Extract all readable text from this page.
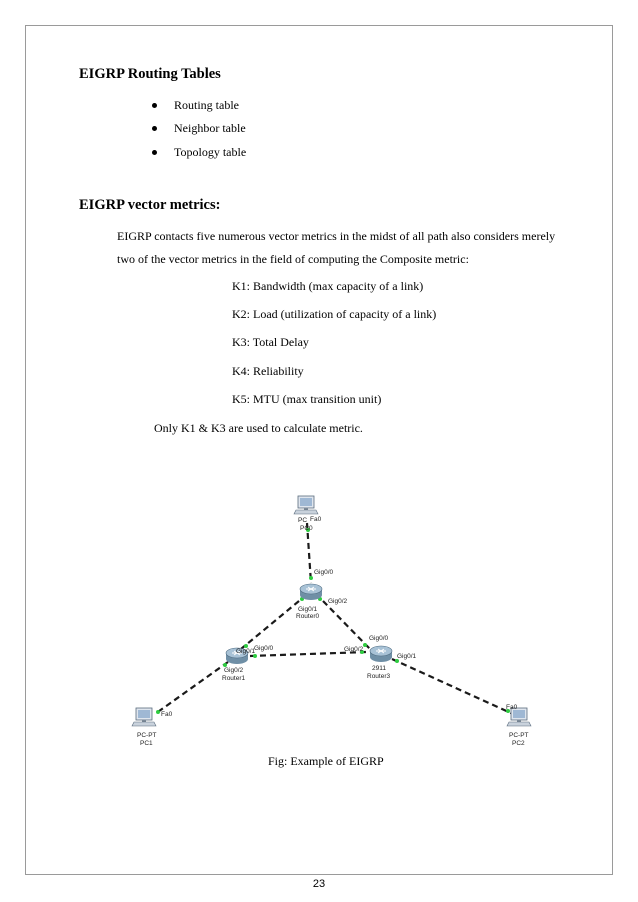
EIGRP Routing Tables
Routing table
Neighbor table
Topology table
EIGRP vector metrics:
EIGRP contacts five numerous vector metrics in the midst of all path also considers merely
two of the vector metrics in the field of computing the Composite metric:
K1: Bandwidth (max capacity of a link)
K2: Load (utilization of capacity of a link)
K3: Total Delay
K4: Reliability
K5: MTU (max transition unit)
Only K1 & K3 are used to calculate metric.
PC
PC0
Router0
Router1
2911
Router3
PC-PT
PC1
PC-PT
PC2
Fa0
Gig0/0
Gig0/2
Gig0/1
Gig0/0
Gig0/1
Gig0/2
Gig0/0
Gig0/2
Gig0/1
Fa0
Fa0
Fig: Example of EIGRP
23
